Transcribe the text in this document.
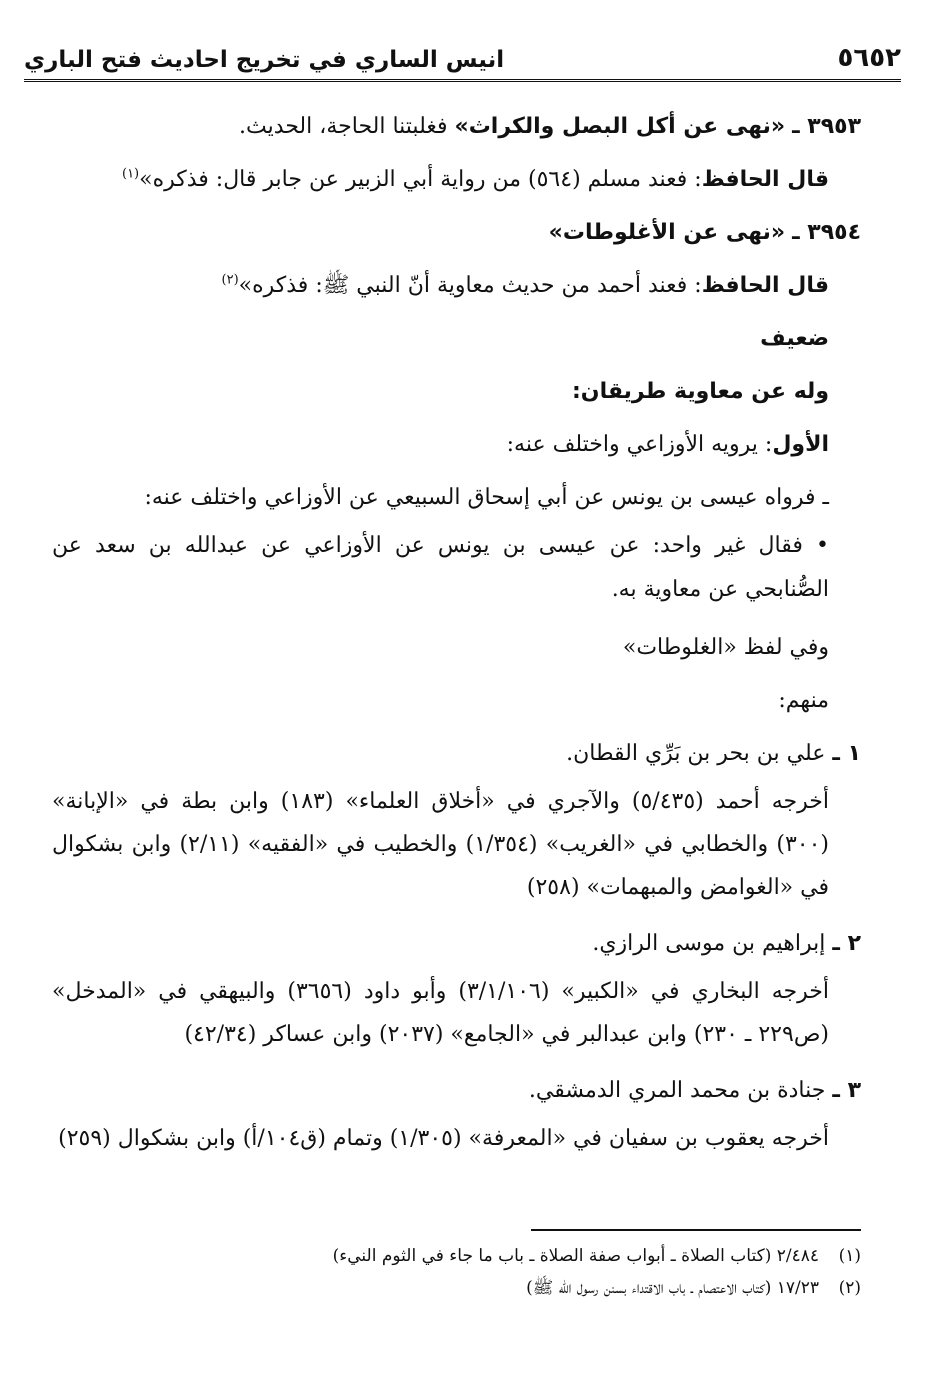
٥٦٥٢
انيس الساري في تخريج احاديث فتح الباري

٣٩٥٣ ـ «نهى عن أكل البصل والكراث» فغلبتنا الحاجة، الحديث.

قال الحافظ: فعند مسلم (٥٦٤) من رواية أبي الزبير عن جابر قال: فذكره»$^{(١)}$

٣٩٥٤ ـ «نهى عن الأغلوطات»

قال الحافظ: فعند أحمد من حديث معاوية أنّ النبي ﷺ: فذكره»$^{(٢)}$

ضعيف

وله عن معاوية طريقان:

الأول: يرويه الأوزاعي واختلف عنه:

ـ فرواه عيسى بن يونس عن أبي إسحاق السبيعي عن الأوزاعي واختلف عنه:

• فقال غير واحد: عن عيسى بن يونس عن الأوزاعي عن عبدالله بن سعد عن الصُّنابحي عن معاوية به.

وفي لفظ «الغلوطات»

منهم:

١ ـ علي بن بحر بن بَرِّي القطان.

أخرجه أحمد (٥/٤٣٥) والآجري في «أخلاق العلماء» (١٨٣) وابن بطة في «الإبانة» (٣٠٠) والخطابي في «الغريب» (١/٣٥٤) والخطيب في «الفقيه» (٢/١١) وابن بشكوال في «الغوامض والمبهمات» (٢٥٨)

٢ ـ إبراهيم بن موسى الرازي.

أخرجه البخاري في «الكبير» (٣/١/١٠٦) وأبو داود (٣٦٥٦) والبيهقي في «المدخل» (ص٢٢٩ ـ ٢٣٠) وابن عبدالبر في «الجامع» (٢٠٣٧) وابن عساكر (٤٢/٣٤)

٣ ـ جنادة بن محمد المري الدمشقي.

أخرجه يعقوب بن سفيان في «المعرفة» (١/٣٠٥) وتمام (ق١٠٤/أ) وابن بشكوال (٢٥٩)

(١)٢/٤٨٤ (كتاب الصلاة ـ أبواب صفة الصلاة ـ باب ما جاء في الثوم النيء)

(٢)١٧/٢٣ (كتاب الاعتصام ـ باب الاقتداء بسنن رسول الله ﷺ)
